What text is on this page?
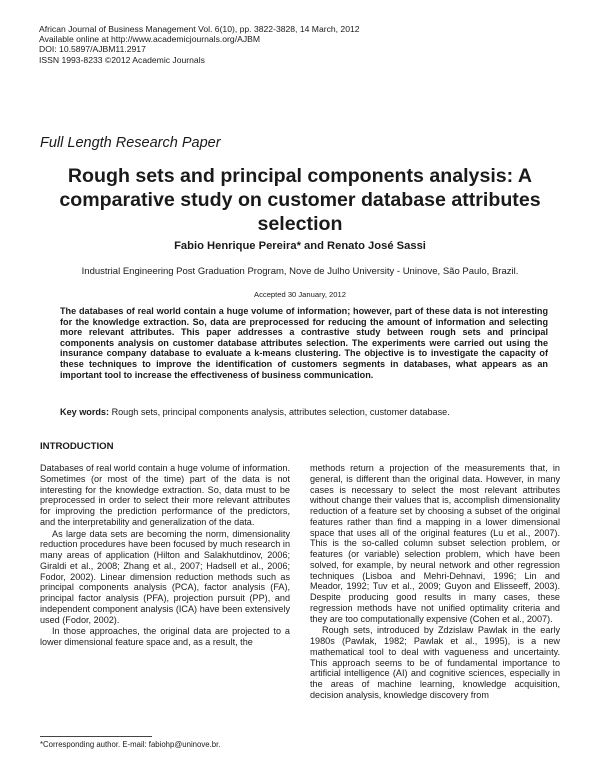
African Journal of Business Management Vol. 6(10), pp. 3822-3828, 14 March, 2012
Available online at http://www.academicjournals.org/AJBM
DOI: 10.5897/AJBM11.2917
ISSN 1993-8233 ©2012 Academic Journals
Full Length Research Paper
Rough sets and principal components analysis: A comparative study on customer database attributes selection
Fabio Henrique Pereira* and Renato José Sassi
Industrial Engineering Post Graduation Program, Nove de Julho University - Uninove, São Paulo, Brazil.
Accepted 30 January, 2012
The databases of real world contain a huge volume of information; however, part of these data is not interesting for the knowledge extraction. So, data are preprocessed for reducing the amount of information and selecting more relevant attributes. This paper addresses a contrastive study between rough sets and principal components analysis on customer database attributes selection. The experiments were carried out using the insurance company database to evaluate a k-means clustering. The objective is to investigate the capacity of these techniques to improve the identification of customers segments in databases, what appears as an important tool to increase the effectiveness of business communication.
Key words: Rough sets, principal components analysis, attributes selection, customer database.
INTRODUCTION

Databases of real world contain a huge volume of information. Sometimes (or most of the time) part of the data is not interesting for the knowledge extraction. So, data must to be preprocessed in order to select their more relevant attributes for improving the prediction performance of the predictors, and the interpretability and generalization of the data.

As large data sets are becoming the norm, dimensionality reduction procedures have been focused by much research in many areas of application (Hilton and Salakhutdinov, 2006; Giraldi et al., 2008; Zhang et al., 2007; Hadsell et al., 2006; Fodor, 2002). Linear dimension reduction methods such as principal components analysis (PCA), factor analysis (FA), principal factor analysis (PFA), projection pursuit (PP), and independent component analysis (ICA) have been extensively used (Fodor, 2002).

In those approaches, the original data are projected to a lower dimensional feature space and, as a result, the

methods return a projection of the measurements that, in general, is different than the original data. However, in many cases is necessary to select the most relevant attributes without change their values that is, accomplish dimensionality reduction of a feature set by choosing a subset of the original features rather than find a mapping in a lower dimensional space that uses all of the original features (Lu et al., 2007). This is the so-called column subset selection problem, or features (or variable) selection problem, which have been solved, for example, by neural network and other regression techniques (Lisboa and Mehri-Dehnavi, 1996; Lin and Meador, 1992; Tuv et al., 2009; Guyon and Elisseeff, 2003). Despite producing good results in many cases, these regression methods have not unified optimality criteria and they are too computationally expensive (Cohen et al., 2007).

Rough sets, introduced by Zdzislaw Pawlak in the early 1980s (Pawlak, 1982; Pawlak et al., 1995), is a new mathematical tool to deal with vagueness and uncertainty. This approach seems to be of fundamental importance to artificial intelligence (AI) and cognitive sciences, especially in the areas of machine learning, knowledge acquisition, decision analysis, knowledge discovery from

*Corresponding author. E-mail: fabiohp@uninove.br.
